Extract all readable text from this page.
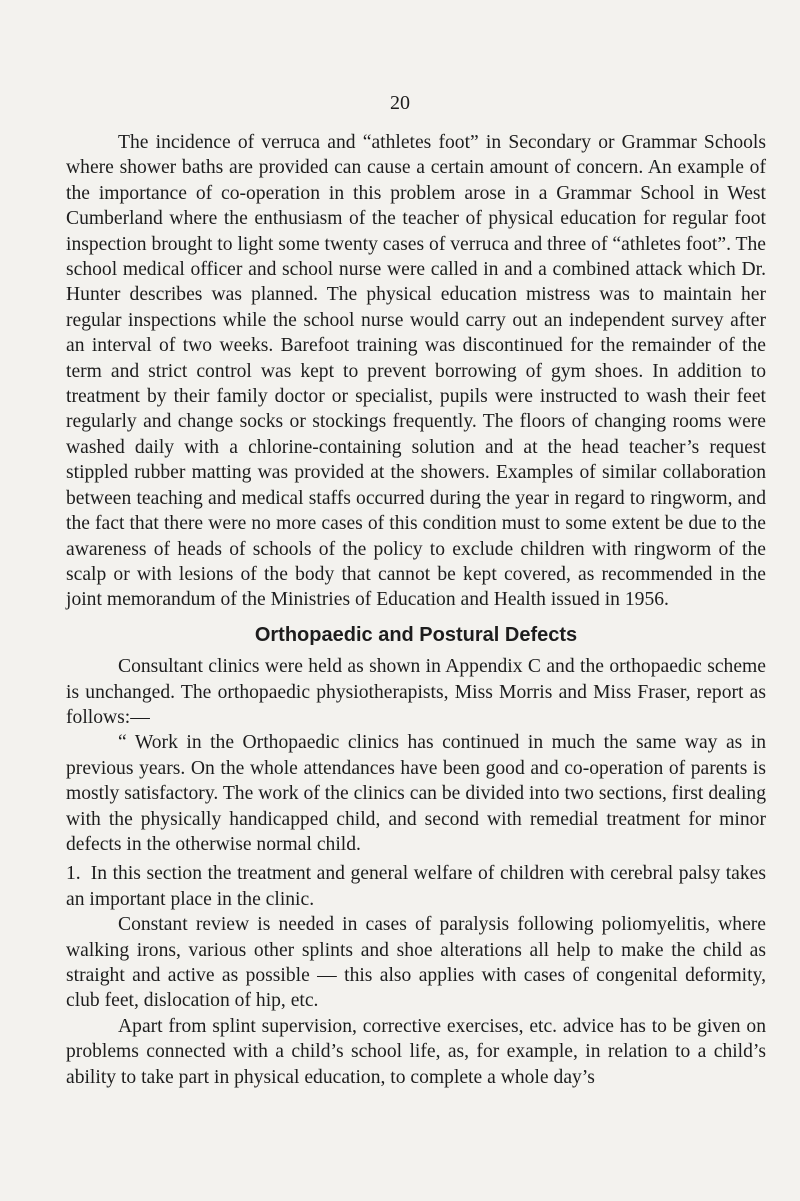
20

The incidence of verruca and “athletes foot” in Secondary or Grammar Schools where shower baths are provided can cause a certain amount of concern. An example of the importance of co-operation in this problem arose in a Grammar School in West Cumberland where the enthusiasm of the teacher of physical education for regular foot inspection brought to light some twenty cases of verruca and three of “athletes foot”. The school medical officer and school nurse were called in and a combined attack which Dr. Hunter describes was planned. The physical education mistress was to maintain her regular inspections while the school nurse would carry out an independent survey after an interval of two weeks. Barefoot training was discontinued for the remainder of the term and strict control was kept to prevent borrowing of gym shoes. In addition to treatment by their family doctor or specialist, pupils were instructed to wash their feet regularly and change socks or stockings frequently. The floors of changing rooms were washed daily with a chlorine-containing solution and at the head teacher’s request stippled rubber matting was provided at the showers. Examples of similar collaboration between teaching and medical staffs occurred during the year in regard to ringworm, and the fact that there were no more cases of this condition must to some extent be due to the awareness of heads of schools of the policy to exclude children with ringworm of the scalp or with lesions of the body that cannot be kept covered, as recommended in the joint memorandum of the Ministries of Education and Health issued in 1956.

Orthopaedic and Postural Defects

Consultant clinics were held as shown in Appendix C and the orthopaedic scheme is unchanged. The orthopaedic physiotherapists, Miss Morris and Miss Fraser, report as follows:—

“ Work in the Orthopaedic clinics has continued in much the same way as in previous years. On the whole attendances have been good and co-operation of parents is mostly satisfactory. The work of the clinics can be divided into two sections, first dealing with the physically handicapped child, and second with remedial treatment for minor defects in the otherwise normal child.

1. In this section the treatment and general welfare of children with cerebral palsy takes an important place in the clinic.

Constant review is needed in cases of paralysis following poliomyelitis, where walking irons, various other splints and shoe alterations all help to make the child as straight and active as possible — this also applies with cases of congenital deformity, club feet, dislocation of hip, etc.

Apart from splint supervision, corrective exercises, etc. advice has to be given on problems connected with a child’s school life, as, for example, in relation to a child’s ability to take part in physical education, to complete a whole day’s
